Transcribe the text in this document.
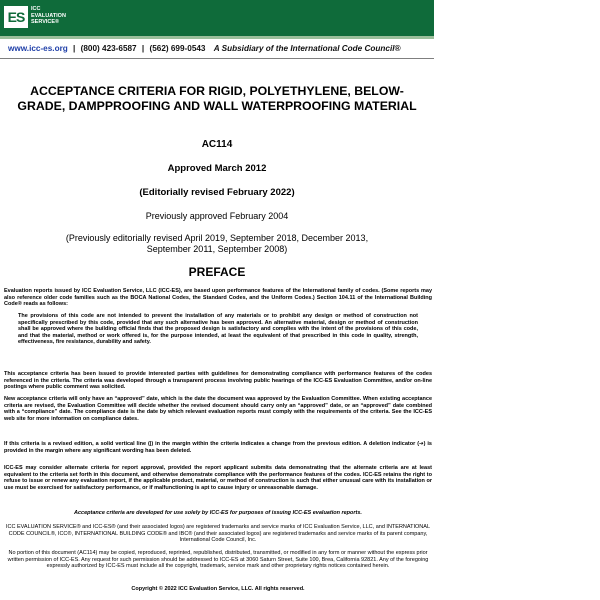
ES	ICC
EVALUATION
SERVICE®
www.icc-es.org | (800) 423-6587 | (562) 699-0543 A Subsidiary of the International Code Council®
ACCEPTANCE CRITERIA FOR RIGID, POLYETHYLENE, BELOW-
GRADE, DAMPPROOFING AND WALL WATERPROOFING MATERIAL

AC114

Approved March 2012

(Editorially revised February 2022)

Previously approved February 2004

(Previously editorially revised April 2019, September 2018, December 2013,
September 2011, September 2008)

PREFACE

Evaluation reports issued by ICC Evaluation Service, LLC (ICC-ES), are based upon performance features of the International family of codes. (Some reports may also reference older code families such as the BOCA National Codes, the Standard Codes, and the Uniform Codes.) Section 104.11 of the International Building Code® reads as follows:

The provisions of this code are not intended to prevent the installation of any materials or to prohibit any design or method of construction not specifically prescribed by this code, provided that any such alternative has been approved. An alternative material, design or method of construction shall be approved where the building official finds that the proposed design is satisfactory and complies with the intent of the provisions of this code, and that the material, method or work offered is, for the purpose intended, at least the equivalent of that prescribed in this code in quality, strength, effectiveness, fire resistance, durability and safety.

This acceptance criteria has been issued to provide interested parties with guidelines for demonstrating compliance with performance features of the codes referenced in the criteria. The criteria was developed through a transparent process involving public hearings of the ICC-ES Evaluation Committee, and/or on-line postings where public comment was solicited.

New acceptance criteria will only have an “approved” date, which is the date the document was approved by the Evaluation Committee. When existing acceptance criteria are revised, the Evaluation Committee will decide whether the revised document should carry only an “approved” date, or an “approved” date combined with a “compliance” date. The compliance date is the date by which relevant evaluation reports must comply with the requirements of the criteria. See the ICC-ES web site for more information on compliance dates.

If this criteria is a revised edition, a solid vertical line (|) in the margin within the criteria indicates a change from the previous edition. A deletion indicator (➔) is provided in the margin where any significant wording has been deleted.

ICC-ES may consider alternate criteria for report approval, provided the report applicant submits data demonstrating that the alternate criteria are at least equivalent to the criteria set forth in this document, and otherwise demonstrate compliance with the performance features of the codes. ICC-ES retains the right to refuse to issue or renew any evaluation report, if the applicable product, material, or method of construction is such that either unusual care with its installation or use must be exercised for satisfactory performance, or if malfunctioning is apt to cause injury or unreasonable damage.

Acceptance criteria are developed for use solely by ICC-ES for purposes of issuing ICC-ES evaluation reports.

ICC EVALUATION SERVICE® and ICC-ES® (and their associated logos) are registered trademarks and service marks of ICC Evaluation Service, LLC, and INTERNATIONAL CODE COUNCIL®, ICC®, INTERNATIONAL BUILDING CODE® and IBC® (and their associated logos) are registered trademarks and service marks of its parent company, International Code Council, Inc.

No portion of this document (AC114) may be copied, reproduced, reprinted, republished, distributed, transmitted, or modified in any form or manner without the express prior written permission of ICC-ES. Any request for such permission should be addressed to ICC-ES at 3060 Saturn Street, Suite 100, Brea, California 92821. Any of the foregoing expressly authorized by ICC-ES must include all the copyright, trademark, service mark and other proprietary rights notices contained herein.

Copyright © 2022 ICC Evaluation Service, LLC. All rights reserved.
